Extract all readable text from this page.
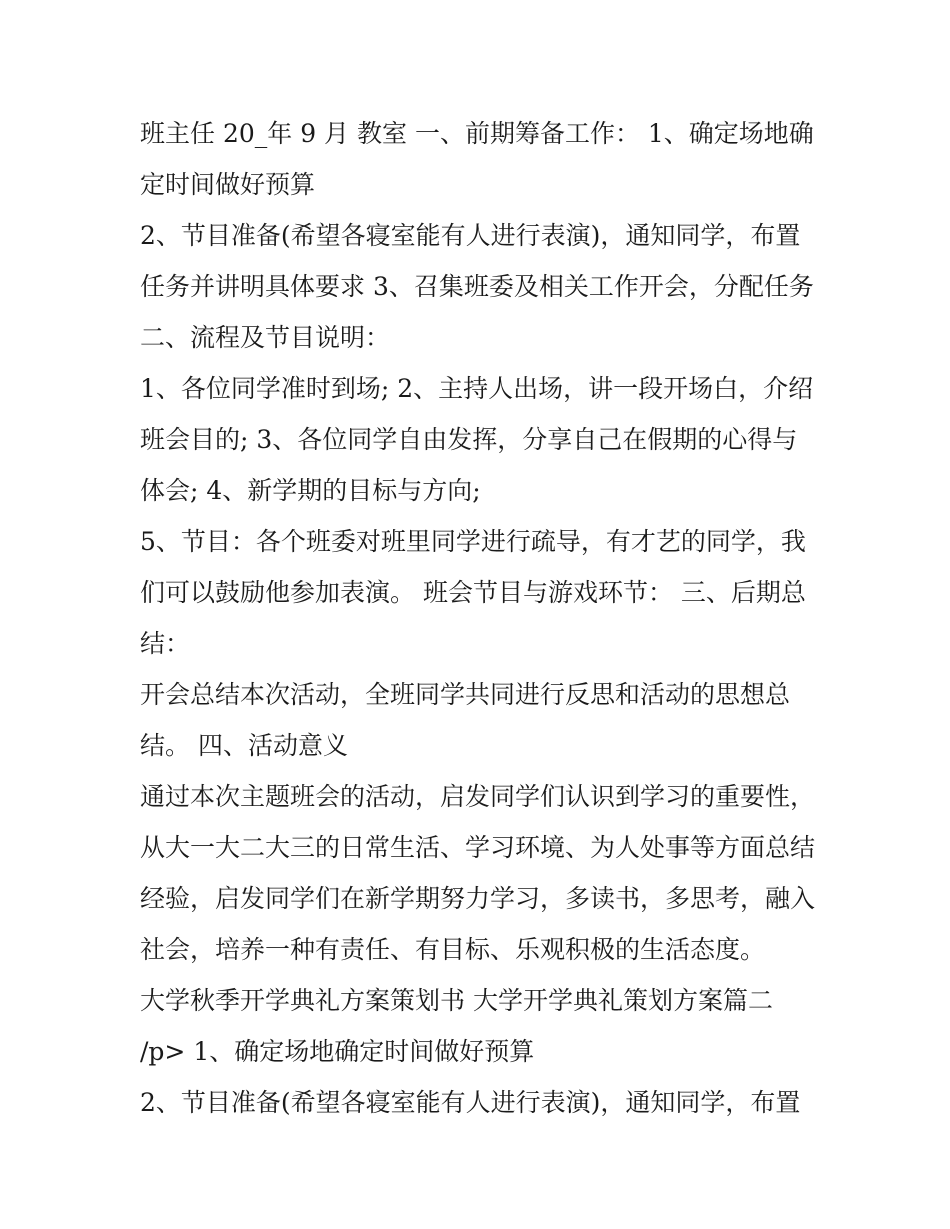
班主任 20_年 9 月 教室 一、前期筹备工作： 1、确定场地确定时间做好预算

2、节目准备(希望各寝室能有人进行表演)，通知同学，布置任务并讲明具体要求 3、召集班委及相关工作开会，分配任务 二、流程及节目说明：

1、各位同学准时到场; 2、主持人出场，讲一段开场白，介绍班会目的; 3、各位同学自由发挥，分享自己在假期的心得与体会; 4、新学期的目标与方向;

5、节目：各个班委对班里同学进行疏导，有才艺的同学，我们可以鼓励他参加表演。 班会节目与游戏环节： 三、后期总结：

开会总结本次活动，全班同学共同进行反思和活动的思想总结。 四、活动意义

通过本次主题班会的活动，启发同学们认识到学习的重要性，从大一大二大三的日常生活、学习环境、为人处事等方面总结经验，启发同学们在新学期努力学习，多读书，多思考，融入社会，培养一种有责任、有目标、乐观积极的生活态度。

大学秋季开学典礼方案策划书 大学开学典礼策划方案篇二

/p> 1、确定场地确定时间做好预算

2、节目准备(希望各寝室能有人进行表演)，通知同学，布置
